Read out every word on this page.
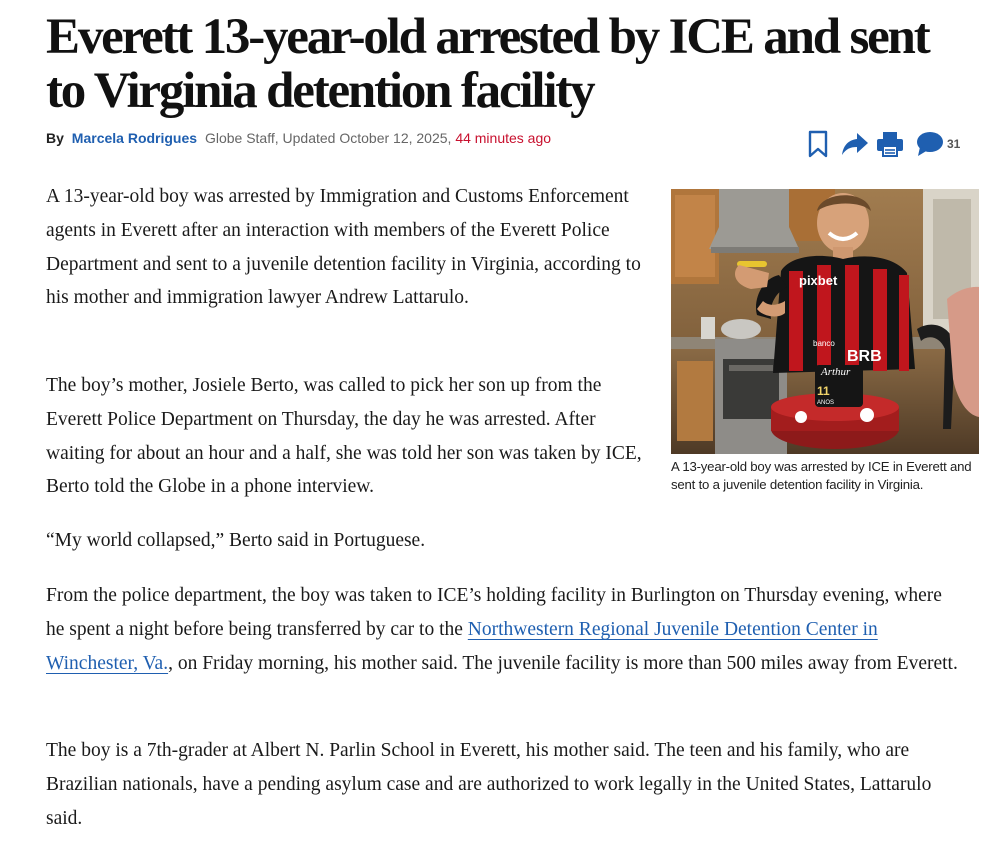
Everett 13-year-old arrested by ICE and sent to Virginia detention facility
By Marcela Rodrigues Globe Staff, Updated October 12, 2025, 44 minutes ago	31

A 13-year-old boy was arrested by Immigration and Customs Enforcement agents in Everett after an interaction with members of the Everett Police Department and sent to a juvenile detention facility in Virginia, according to his mother and immigration lawyer Andrew Lattarulo.

pixbet
banco
BRB
Arthur
11
ANOS
A 13-year-old boy was arrested by ICE in Everett and sent to a juvenile detention facility in Virginia.

The boy’s mother, Josiele Berto, was called to pick her son up from the Everett Police Department on Thursday, the day he was arrested. After waiting for about an hour and a half, she was told her son was taken by ICE, Berto told the Globe in a phone interview.

“My world collapsed,” Berto said in Portuguese.

From the police department, the boy was taken to ICE’s holding facility in Burlington on Thursday evening, where he spent a night before being transferred by car to the Northwestern Regional Juvenile Detention Center in Winchester, Va., on Friday morning, his mother said. The juvenile facility is more than 500 miles away from Everett.

The boy is a 7th-grader at Albert N. Parlin School in Everett, his mother said. The teen and his family, who are Brazilian nationals, have a pending asylum case and are authorized to work legally in the United States, Lattarulo said.
